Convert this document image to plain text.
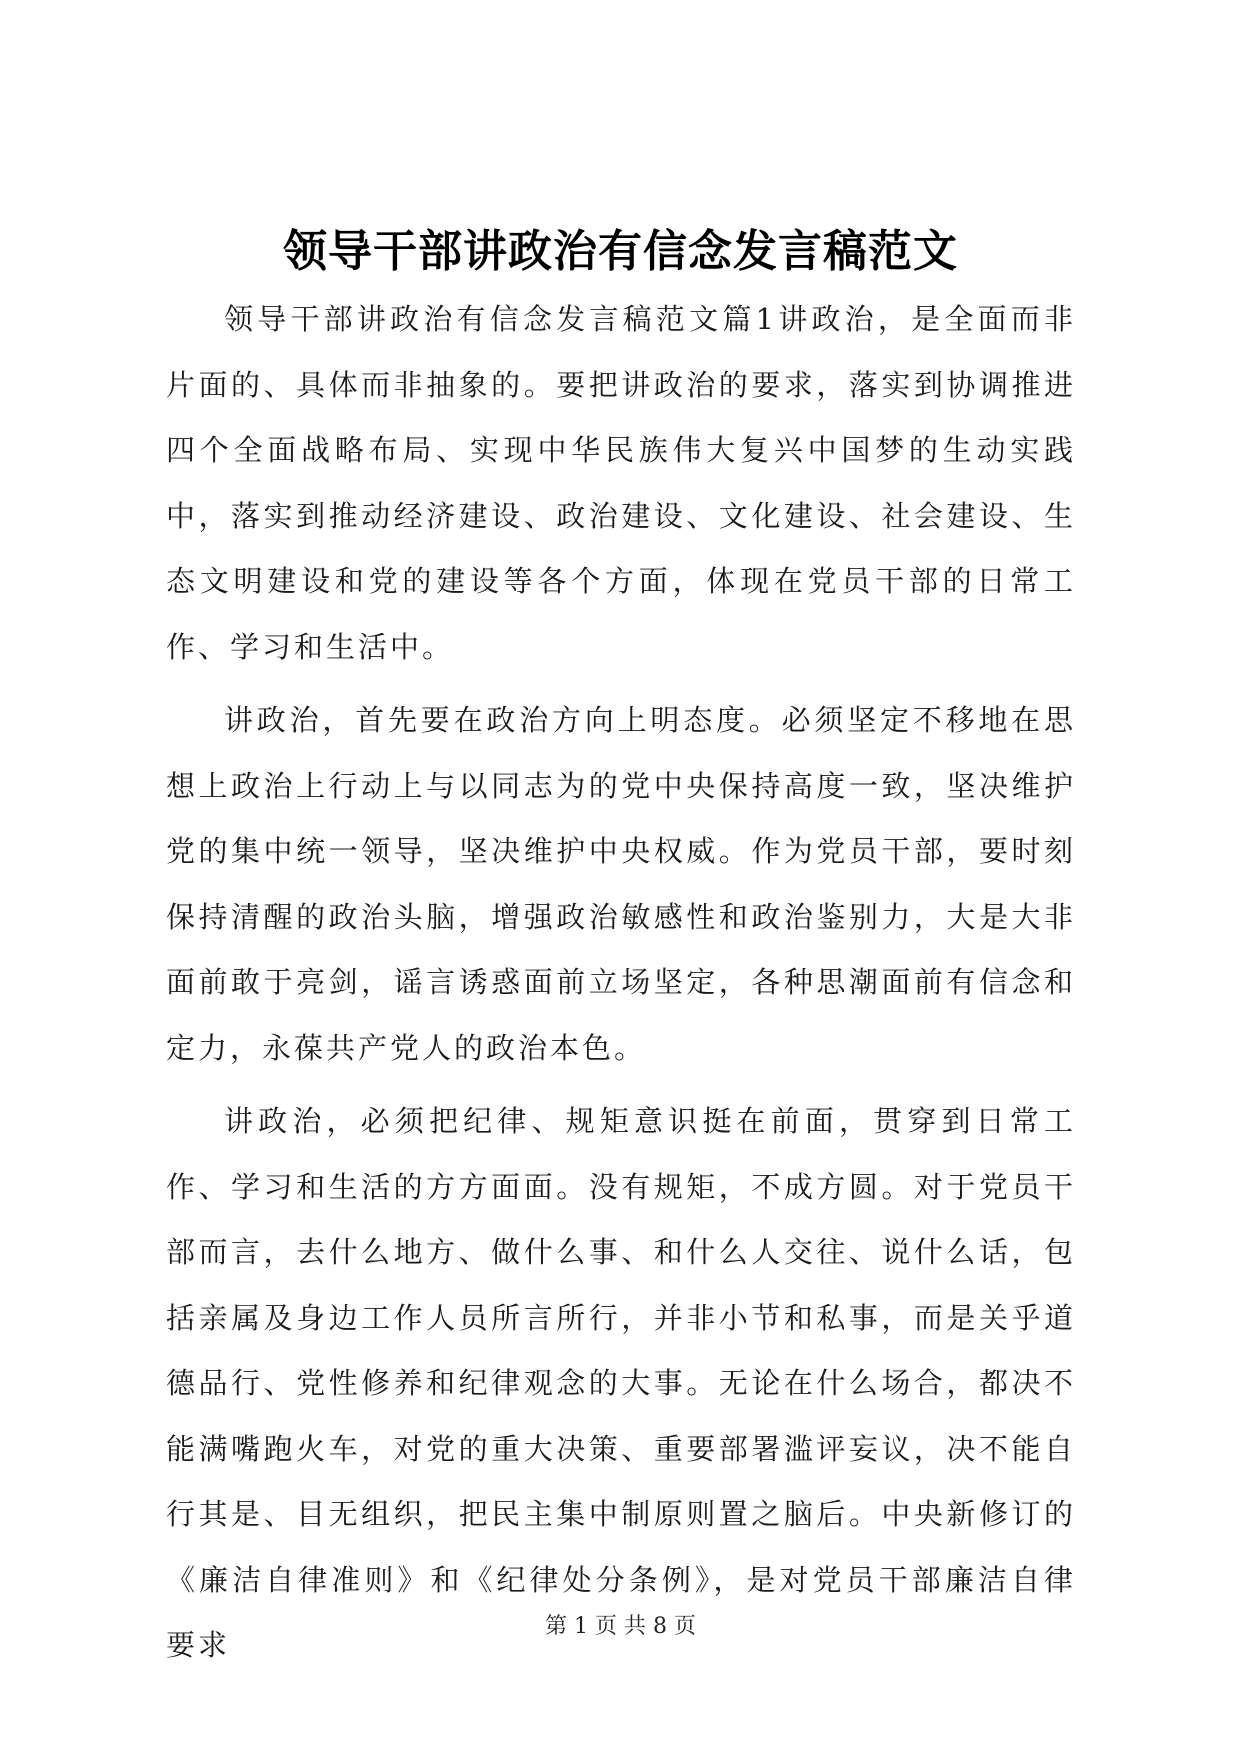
领导干部讲政治有信念发言稿范文

领导干部讲政治有信念发言稿范文篇1讲政治，是全面而非片面的、具体而非抽象的。要把讲政治的要求，落实到协调推进四个全面战略布局、实现中华民族伟大复兴中国梦的生动实践中，落实到推动经济建设、政治建设、文化建设、社会建设、生态文明建设和党的建设等各个方面，体现在党员干部的日常工作、学习和生活中。

讲政治，首先要在政治方向上明态度。必须坚定不移地在思想上政治上行动上与以同志为的党中央保持高度一致，坚决维护党的集中统一领导，坚决维护中央权威。作为党员干部，要时刻保持清醒的政治头脑，增强政治敏感性和政治鉴别力，大是大非面前敢于亮剑，谣言诱惑面前立场坚定，各种思潮面前有信念和定力，永葆共产党人的政治本色。

讲政治，必须把纪律、规矩意识挺在前面，贯穿到日常工作、学习和生活的方方面面。没有规矩，不成方圆。对于党员干部而言，去什么地方、做什么事、和什么人交往、说什么话，包括亲属及身边工作人员所言所行，并非小节和私事，而是关乎道德品行、党性修养和纪律观念的大事。无论在什么场合，都决不能满嘴跑火车，对党的重大决策、重要部署滥评妄议，决不能自行其是、目无组织，把民主集中制原则置之脑后。中央新修订的《廉洁自律准则》和《纪律处分条例》，是对党员干部廉洁自律要求

第 1 页 共 8 页
